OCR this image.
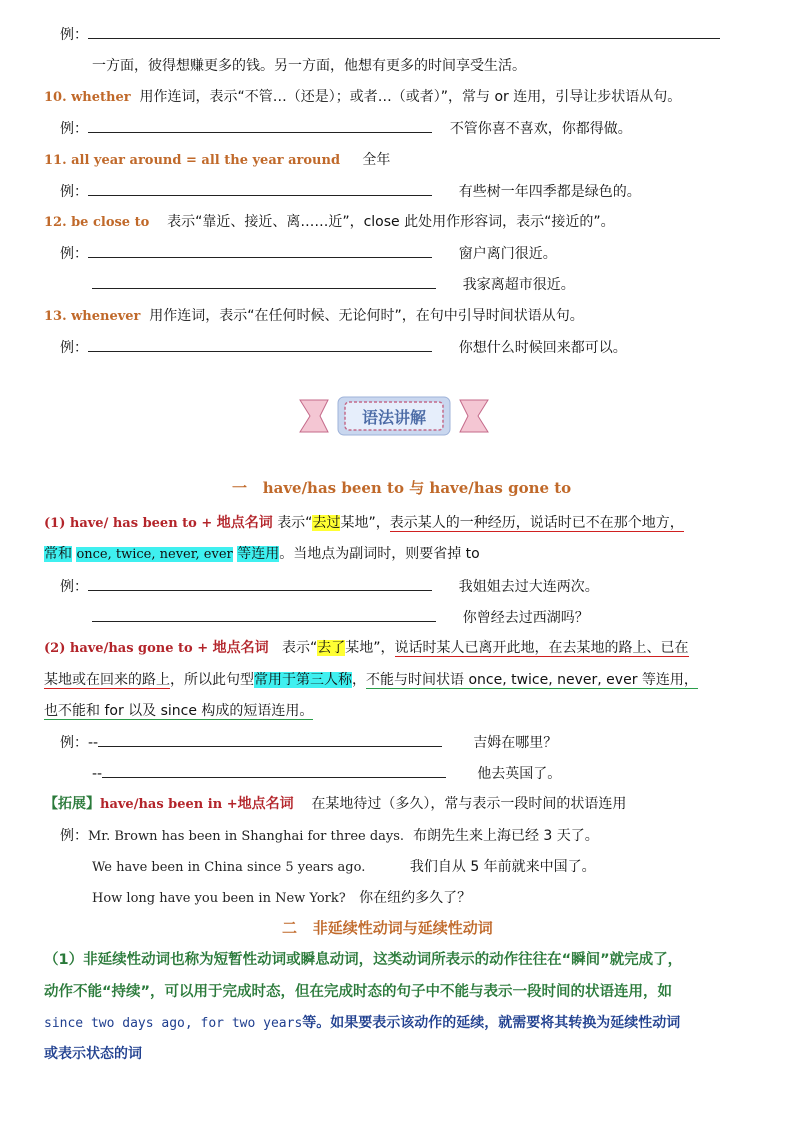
例：
一方面，彼得想赚更多的钱。另一方面，他想有更多的时间享受生活。
10. whether 用作连词，表示“不管…（还是）；或者…（或者）”，常与 or 连用，引导让步状语从句。
例：	不管你喜不喜欢，你都得做。
11. all year around = all the year around 全年
例：	有些树一年四季都是绿色的。
12. be close to 表示“靠近、接近、离……近”，close 此处用作形容词，表示“接近的”。
例：	窗户离门很近。
我家离超市很近。
13. whenever 用作连词，表示“在任何时候、无论何时”，在句中引导时间状语从句。
例：	你想什么时候回来都可以。
语法讲解
一 have/has been to 与 have/has gone to
(1) have/ has been to + 地点名词 表示“去过某地”，表示某人的一种经历，说话时已不在那个地方，
常和 once, twice, never, ever 等连用。当地点为副词时，则要省掉 to
例：	我姐姐去过大连两次。
你曾经去过西湖吗？
(2) have/has gone to + 地点名词 表示“去了某地”，说话时某人已离开此地，在去某地的路上、已在
某地或在回来的路上，所以此句型常用于第三人称，不能与时间状语 once, twice, never, ever 等连用，
也不能和 for 以及 since 构成的短语连用。
例：--	吉姆在哪里？
--	他去英国了。
【拓展】have/has been in +地点名词 在某地待过（多久），常与表示一段时间的状语连用
例：Mr. Brown has been in Shanghai for three days. 布朗先生来上海已经 3 天了。
We have been in China since 5 years ago.	我们自从 5 年前就来中国了。
How long have you been in New York? 你在纽约多久了？
二 非延续性动词与延续性动词
（1）非延续性动词也称为短暂性动词或瞬息动词，这类动词所表示的动作往往在“瞬间”就完成了，
动作不能“持续”，可以用于完成时态，但在完成时态的句子中不能与表示一段时间的状语连用，如
since two days ago, for two years等。如果要表示该动作的延续，就需要将其转换为延续性动词
或表示状态的词
